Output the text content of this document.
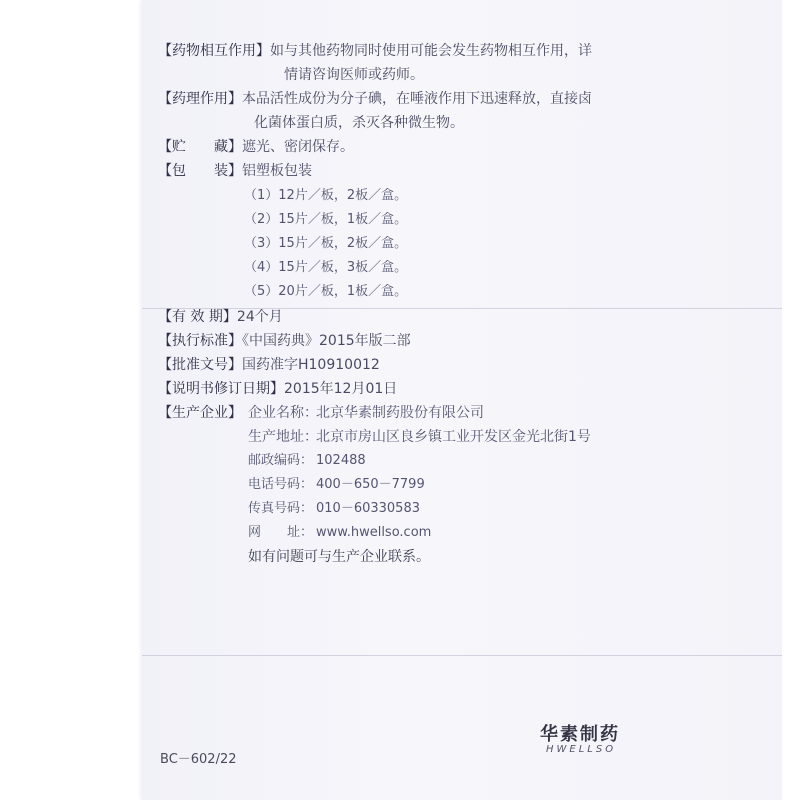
【药物相互作用】如与其他药物同时使用可能会发生药物相互作用，详
情请咨询医师或药师。
【药理作用】本品活性成份为分子碘，在唾液作用下迅速释放，直接卤
化菌体蛋白质，杀灭各种微生物。
【贮　　藏】遮光、密闭保存。
【包　　装】铝塑板包装
（1）12片／板，2板／盒。
（2）15片／板，1板／盒。
（3）15片／板，2板／盒。
（4）15片／板，3板／盒。
（5）20片／板，1板／盒。
【有 效 期】24个月
【执行标准】《中国药典》2015年版二部
【批准文号】国药准字H10910012
【说明书修订日期】2015年12月01日
【生产企业】 企业名称：北京华素制药股份有限公司
生产地址：北京市房山区良乡镇工业开发区金光北街1号
邮政编码： 102488
电话号码： 400－650－7799
传真号码： 010－60330583
网　　址： www.hwellso.com
如有问题可与生产企业联系。
华素制药
HWELLSO
BC－602/22
